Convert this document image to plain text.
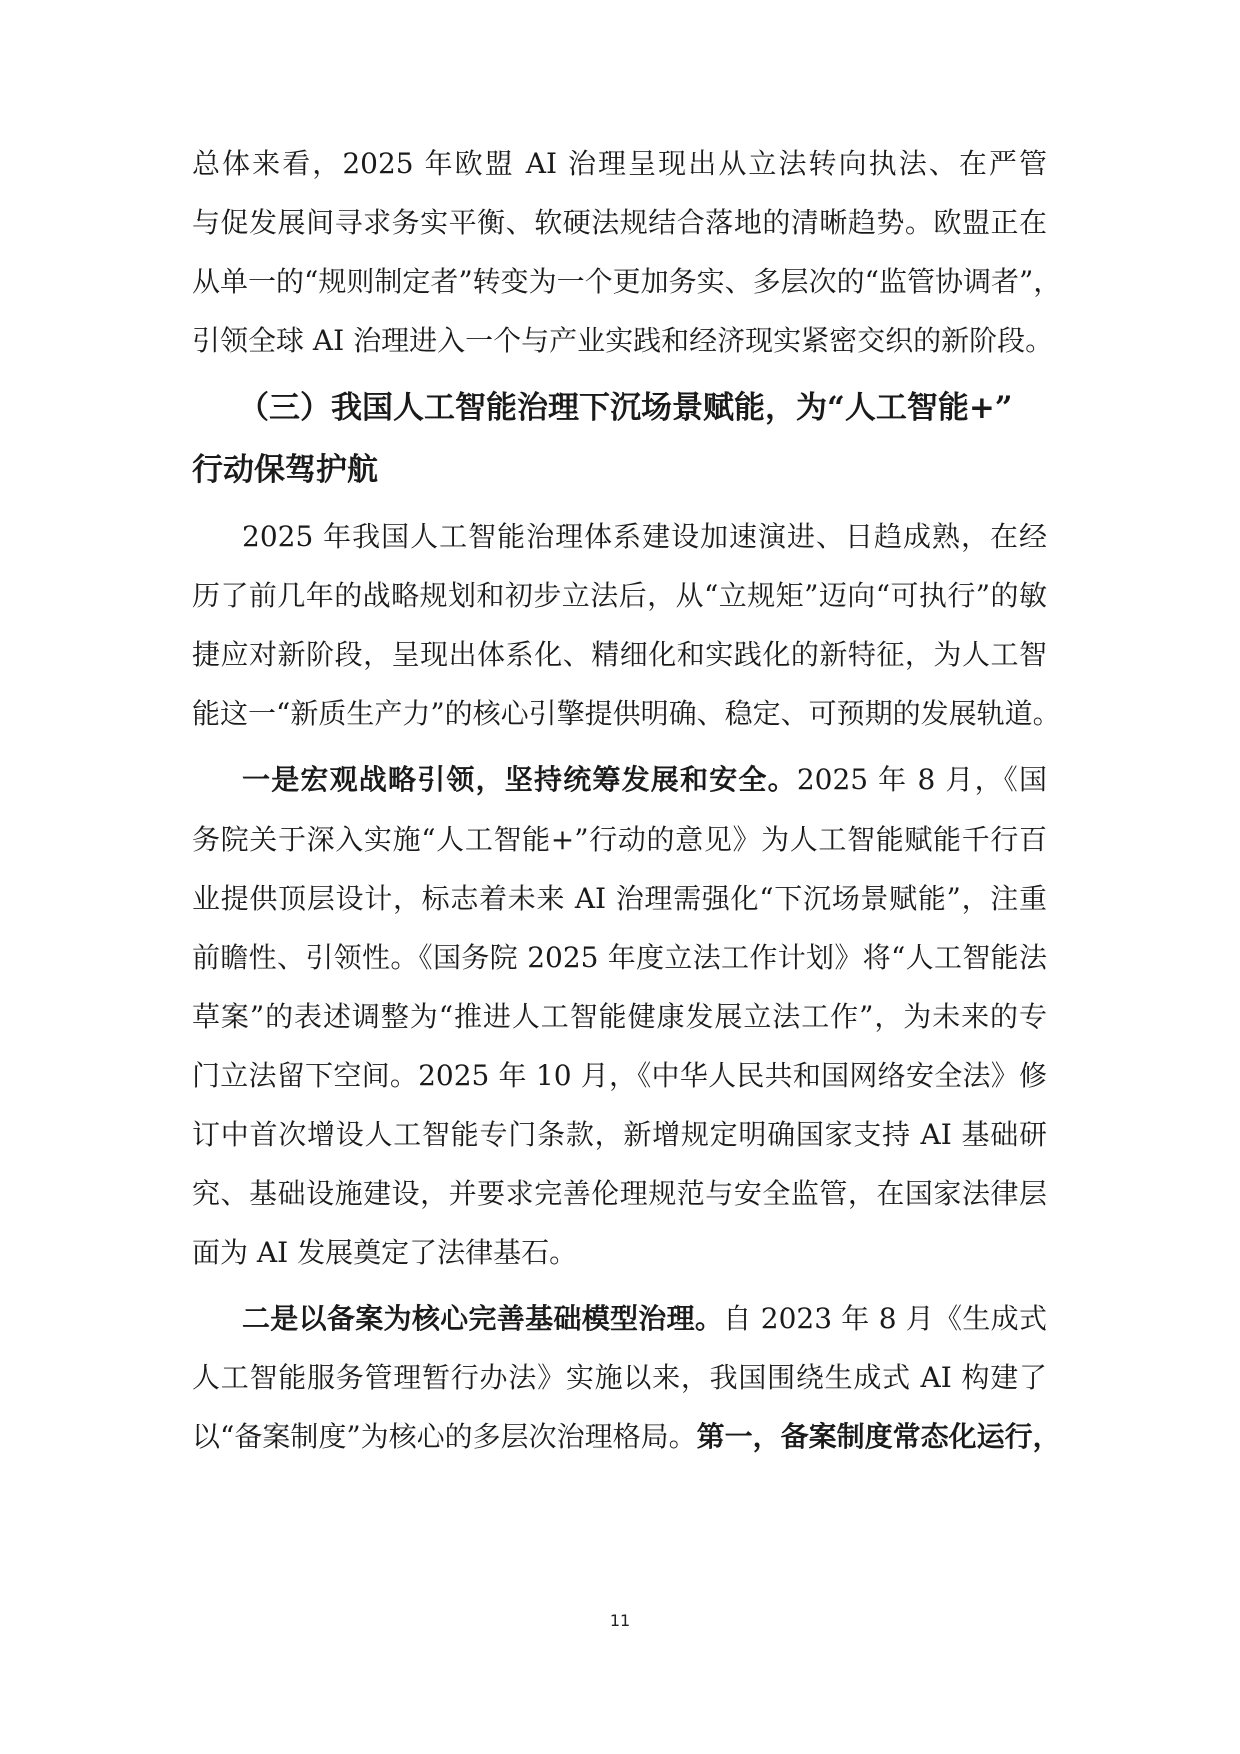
总体来看，2025 年欧盟 AI 治理呈现出从立法转向执法、在严管
与促发展间寻求务实平衡、软硬法规结合落地的清晰趋势。欧盟正在
从单一的“规则制定者”转变为一个更加务实、多层次的“监管协调者”，
引领全球 AI 治理进入一个与产业实践和经济现实紧密交织的新阶段。
（三）我国人工智能治理下沉场景赋能，为“人工智能+”
行动保驾护航
2025 年我国人工智能治理体系建设加速演进、日趋成熟，在经
历了前几年的战略规划和初步立法后，从“立规矩”迈向“可执行”的敏
捷应对新阶段，呈现出体系化、精细化和实践化的新特征，为人工智
能这一“新质生产力”的核心引擎提供明确、稳定、可预期的发展轨道。
一是宏观战略引领，坚持统筹发展和安全。2025 年 8 月，《国
务院关于深入实施“人工智能+”行动的意见》为人工智能赋能千行百
业提供顶层设计，标志着未来 AI 治理需强化“下沉场景赋能”，注重
前瞻性、引领性。《国务院 2025 年度立法工作计划》将“人工智能法
草案”的表述调整为“推进人工智能健康发展立法工作”，为未来的专
门立法留下空间。2025 年 10 月，《中华人民共和国网络安全法》修
订中首次增设人工智能专门条款，新增规定明确国家支持 AI 基础研
究、基础设施建设，并要求完善伦理规范与安全监管，在国家法律层
面为 AI 发展奠定了法律基石。
二是以备案为核心完善基础模型治理。自 2023 年 8 月《生成式
人工智能服务管理暂行办法》实施以来，我国围绕生成式 AI 构建了
以“备案制度”为核心的多层次治理格局。第一，备案制度常态化运行，
11
